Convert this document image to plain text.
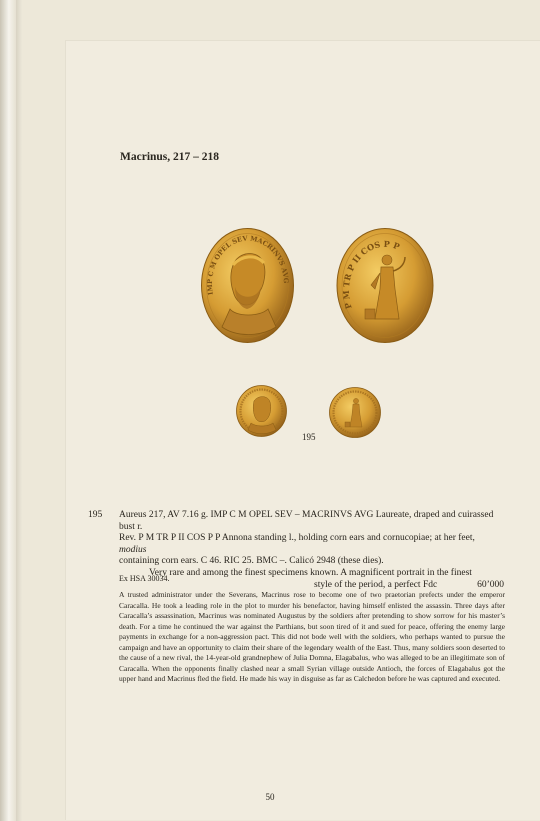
Macrinus, 217 – 218
IMP C M OPEL SEV MACRINVS AVG
P M TR P II COS P P
195
195 Aureus 217, AV 7.16 g. IMP C M OPEL SEV – MACRINVS AVG Laureate, draped and cuirassed bust r.

Rev. P M TR P II COS P P Annona standing l., holding corn ears and cornucopiae; at her feet, modius

containing corn ears. C 46. RIC 25. BMC –. Calicó 2948 (these dies).

Very rare and among the finest specimens known. A magnificent portrait in the finest

style of the period, a perfect Fdc	60’000
Ex HSA 30034.
A trusted administrator under the Severans, Macrinus rose to become one of two praetorian prefects under the emperor Caracalla. He took a leading role in the plot to murder his benefactor, having himself enlisted the assassin. Three days after Caracalla’s assassination, Macrinus was nominated Augustus by the soldiers after pretending to show sorrow for his master’s death. For a time he continued the war against the Parthians, but soon tired of it and sued for peace, offering the enemy large payments in exchange for a non-aggression pact. This did not bode well with the soldiers, who perhaps wanted to pursue the campaign and have an opportunity to claim their share of the legendary wealth of the East. Thus, many soldiers soon deserted to the cause of a new rival, the 14-year-old grandnephew of Julia Domna, Elagabalus, who was alleged to be an illegitimate son of Caracalla. When the opponents finally clashed near a small Syrian village outside Antioch, the forces of Elagabalus got the upper hand and Macrinus fled the field. He made his way in disguise as far as Calchedon before he was captured and executed.
50
